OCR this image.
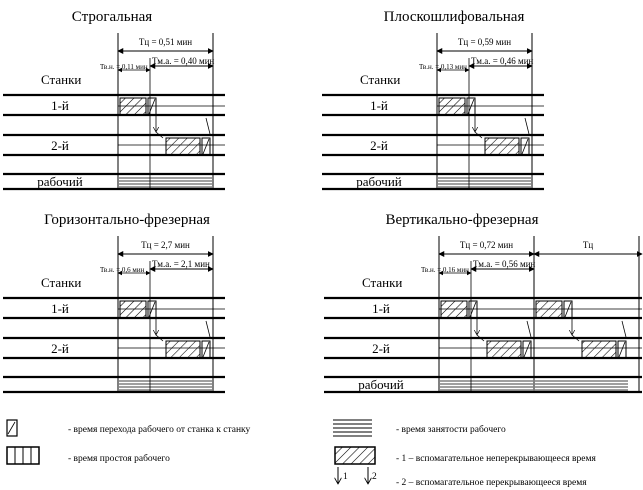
Строгальная
Тц = 0,51 мин
Тм.а. = 0,40 мин
Тв.н. = 0,11 мин
Станки
1-й
2-й
рабочий
Плоскошлифовальная
Тц = 0,59 мин
Тм.а. = 0,46 мин
Тв.н. = 0,13 мин
Станки
1-й
2-й
рабочий
Горизонтально-фрезерная
Тц = 2,7 мин
Тм.а. = 2,1 мин
Тв.н. = 0,6 мин
Станки
1-й
2-й
Вертикально-фрезерная
Тц = 0,72 мин
Тм.а. = 0,56 мин
Тв.н. = 0,16 мин
Тц
Станки
1-й
2-й
рабочий
- время перехода рабочего от станка к станку
- время простоя рабочего
- время занятости рабочего
- 1 – вспомагательное неперекрывающееся время
1	2
- 2 – вспомагательное перекрывающееся время
